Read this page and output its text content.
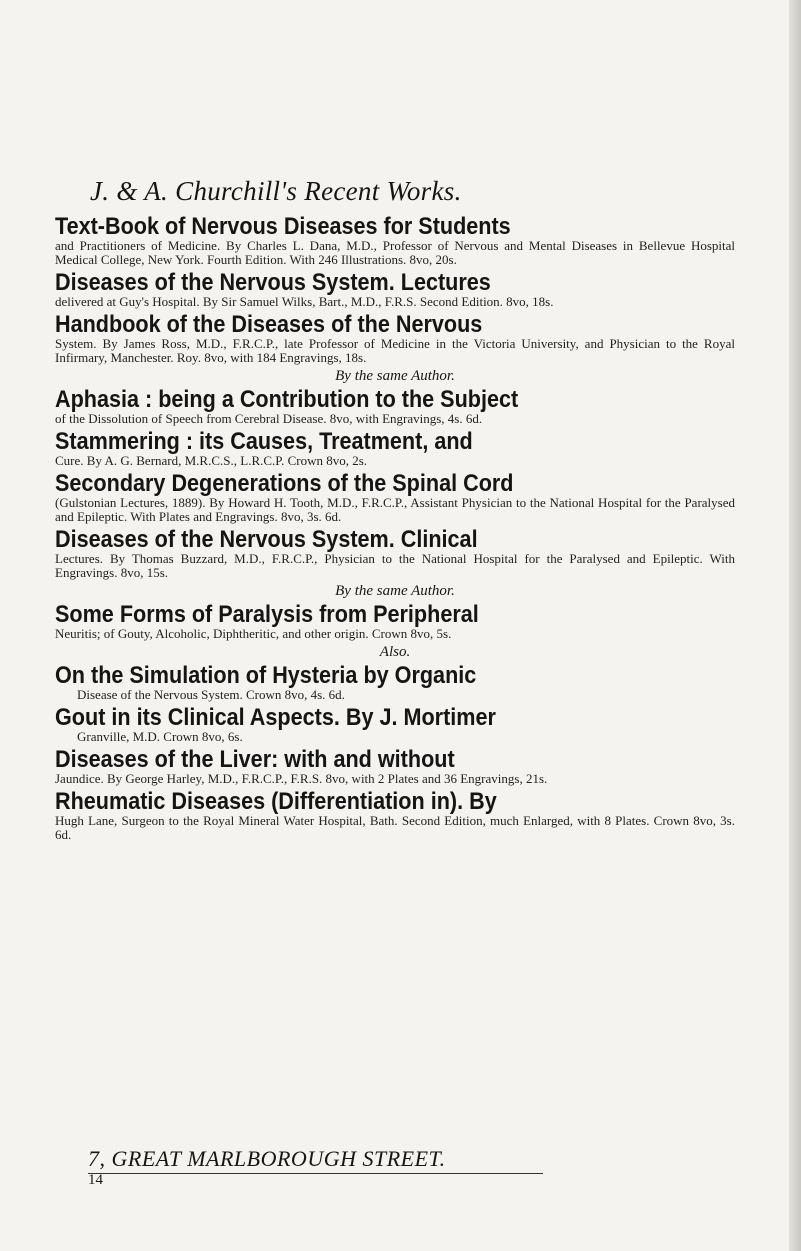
J. & A. Churchill's Recent Works.
Text-Book of Nervous Diseases for Students
and Practitioners of Medicine. By Charles L. Dana, M.D., Professor of Nervous and Mental Diseases in Bellevue Hospital Medical College, New York. Fourth Edition. With 246 Illustrations. 8vo, 20s.
Diseases of the Nervous System. Lectures
delivered at Guy's Hospital. By Sir Samuel Wilks, Bart., M.D., F.R.S. Second Edition. 8vo, 18s.
Handbook of the Diseases of the Nervous
System. By James Ross, M.D., F.R.C.P., late Professor of Medicine in the Victoria University, and Physician to the Royal Infirmary, Manchester. Roy. 8vo, with 184 Engravings, 18s.
By the same Author.
Aphasia : being a Contribution to the Subject
of the Dissolution of Speech from Cerebral Disease. 8vo, with Engravings, 4s. 6d.
Stammering : its Causes, Treatment, and
Cure. By A. G. Bernard, M.R.C.S., L.R.C.P. Crown 8vo, 2s.
Secondary Degenerations of the Spinal Cord
(Gulstonian Lectures, 1889). By Howard H. Tooth, M.D., F.R.C.P., Assistant Physician to the National Hospital for the Paralysed and Epileptic. With Plates and Engravings. 8vo, 3s. 6d.
Diseases of the Nervous System. Clinical
Lectures. By Thomas Buzzard, M.D., F.R.C.P., Physician to the National Hospital for the Paralysed and Epileptic. With Engravings. 8vo, 15s.
By the same Author.
Some Forms of Paralysis from Peripheral
Neuritis; of Gouty, Alcoholic, Diphtheritic, and other origin. Crown 8vo, 5s.
Also.
On the Simulation of Hysteria by Organic
Disease of the Nervous System. Crown 8vo, 4s. 6d.
Gout in its Clinical Aspects. By J. Mortimer
Granville, M.D. Crown 8vo, 6s.
Diseases of the Liver: with and without
Jaundice. By George Harley, M.D., F.R.C.P., F.R.S. 8vo, with 2 Plates and 36 Engravings, 21s.
Rheumatic Diseases (Differentiation in). By
Hugh Lane, Surgeon to the Royal Mineral Water Hospital, Bath. Second Edition, much Enlarged, with 8 Plates. Crown 8vo, 3s. 6d.
7, GREAT MARLBOROUGH STREET.
14
